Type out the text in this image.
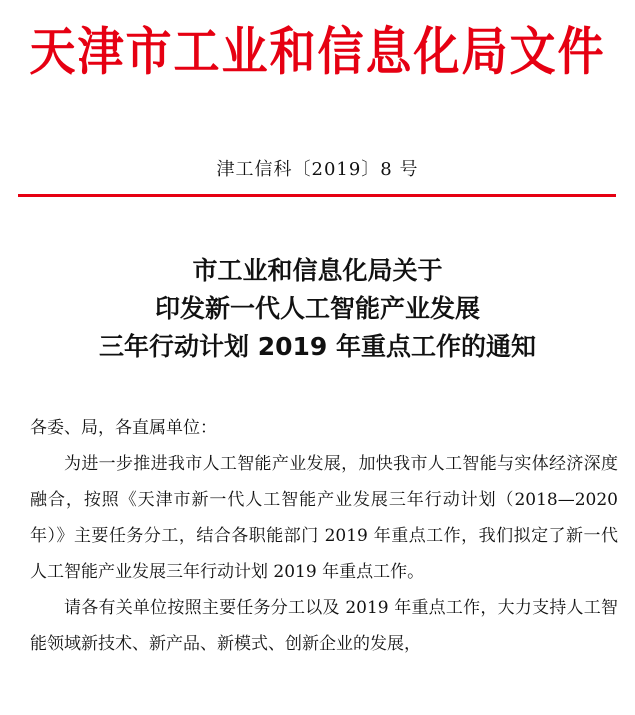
天津市工业和信息化局文件
津工信科〔2019〕8 号
市工业和信息化局关于
印发新一代人工智能产业发展
三年行动计划 2019 年重点工作的通知

各委、局，各直属单位：

为进一步推进我市人工智能产业发展，加快我市人工智能与实体经济深度融合，按照《天津市新一代人工智能产业发展三年行动计划（2018—2020 年）》主要任务分工，结合各职能部门 2019 年重点工作，我们拟定了新一代人工智能产业发展三年行动计划 2019 年重点工作。

请各有关单位按照主要任务分工以及 2019 年重点工作，大力支持人工智能领域新技术、新产品、新模式、创新企业的发展，
